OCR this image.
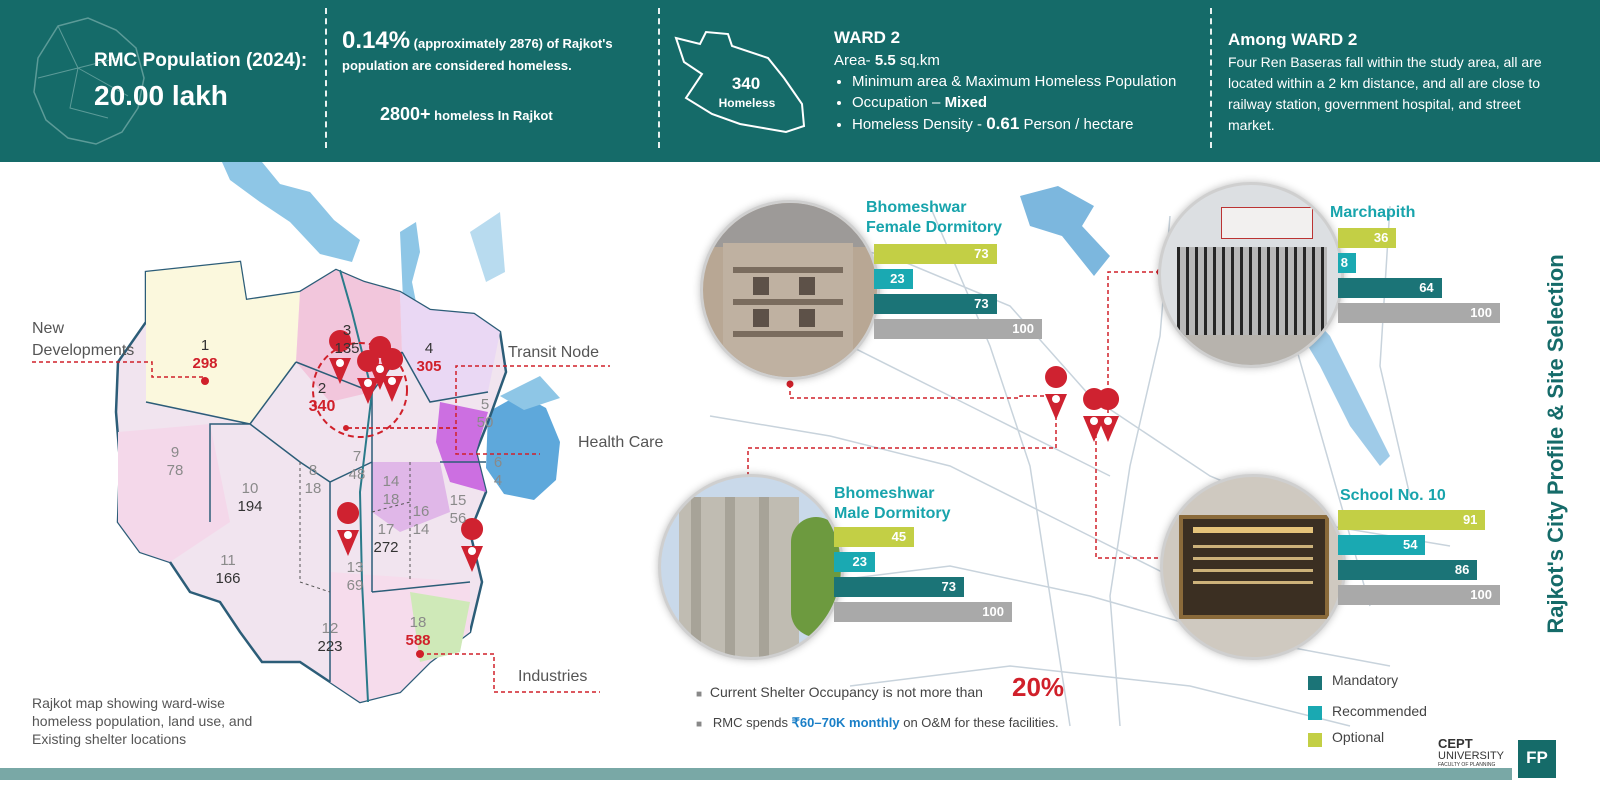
RMC Population (2024):
20.00 lakh
0.14% (approximately 2876) of Rajkot's population are considered homeless.
2800+ homeless In Rajkot
340
Homeless
WARD 2
Area- 5.5 sq.km
• Minimum area & Maximum Homeless Population
• Occupation – Mixed
• Homeless Density - 0.61 Person / hectare
Among WARD 2
Four Ren Baseras fall within the study area, all are located within a 2 km distance, and all are close to railway station, government hospital, and street market.
1
298
2
340
3
135	4
305
5
50
6
4
7
48
8
18
9
78
10
194
11
166
12
223
13
69
14
18	15
56
16
14
17
272
18
588
New Developments	Transit Node
Health Care
Industries
Rajkot map showing ward-wise homeless population, land use, and Existing shelter locations
Bhomeshwar Female Dormitory
Marchapith
Bhomeshwar Male Dormitory
School No. 10
73
23
73
100
36
8
64
100
45
23
73
100
91
54
86
100
■ Current Shelter Occupancy is not more than 20%
■ RMC spends ₹60–70K monthly on O&M for these facilities.
Mandatory
Recommended
Optional
Rajkot's City Profile & Site Selection
CEPT
UNIVERSITY
FACULTY OF PLANNING	FP
